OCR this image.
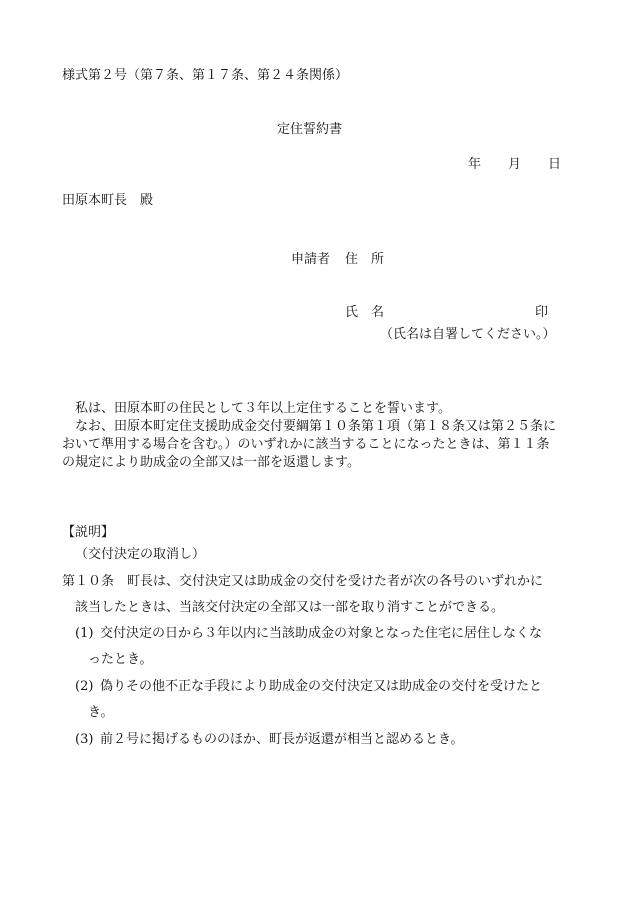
様式第２号（第７条、第１７条、第２４条関係）
定住誓約書
年 月 日
田原本町長　殿
申請者 住　所
氏　名	印
（氏名は自署してください。）

　私は、田原本町の住民として３年以上定住することを誓います。

　なお、田原本町定住支援助成金交付要綱第１０条第１項（第１８条又は第２５条において準用する場合を含む。）のいずれかに該当することになったときは、第１１条の規定により助成金の全部又は一部を返還します。

【説明】
（交付決定の取消し）
第１０条　町長は、交付決定又は助成金の交付を受けた者が次の各号のいずれかに
該当したときは、当該交付決定の全部又は一部を取り消すことができる。
(1) 交付決定の日から３年以内に当該助成金の対象となった住宅に居住しなくな
ったとき。
(2) 偽りその他不正な手段により助成金の交付決定又は助成金の交付を受けたと
き。
(3) 前２号に掲げるもののほか、町長が返還が相当と認めるとき。
